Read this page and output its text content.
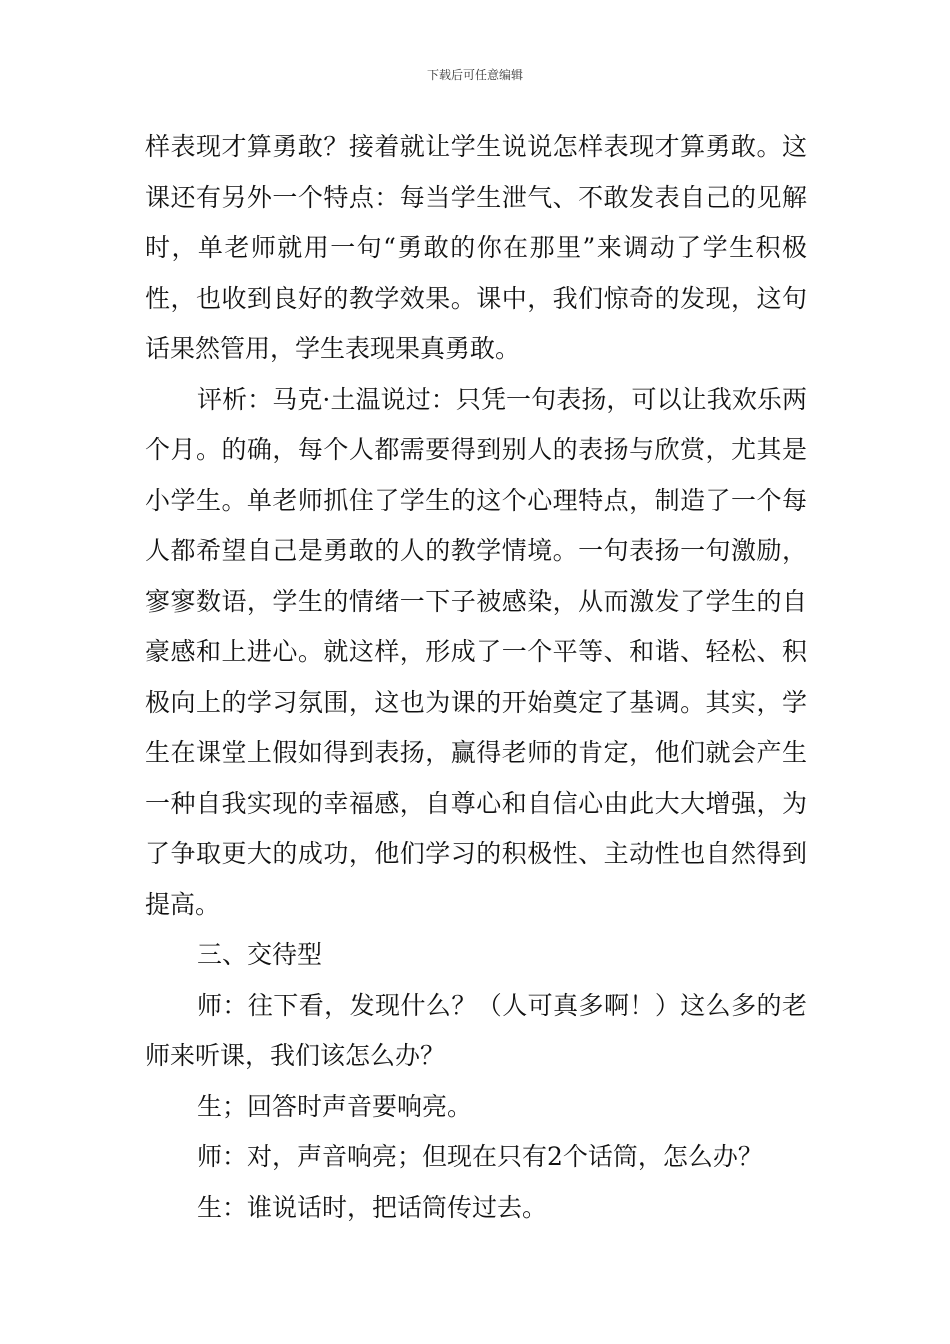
下载后可任意编辑

样表现才算勇敢？接着就让学生说说怎样表现才算勇敢。这课还有另外一个特点：每当学生泄气、不敢发表自己的见解时，单老师就用一句“勇敢的你在那里”来调动了学生积极性，也收到良好的教学效果。课中，我们惊奇的发现，这句话果然管用，学生表现果真勇敢。

评析：马克·土温说过：只凭一句表扬，可以让我欢乐两个月。的确，每个人都需要得到别人的表扬与欣赏，尤其是小学生。单老师抓住了学生的这个心理特点，制造了一个每人都希望自己是勇敢的人的教学情境。一句表扬一句激励，寥寥数语，学生的情绪一下子被感染，从而激发了学生的自豪感和上进心。就这样，形成了一个平等、和谐、轻松、积极向上的学习氛围，这也为课的开始奠定了基调。其实，学生在课堂上假如得到表扬，赢得老师的肯定，他们就会产生一种自我实现的幸福感，自尊心和自信心由此大大增强，为了争取更大的成功，他们学习的积极性、主动性也自然得到提高。

三、交待型

师：往下看，发现什么？（人可真多啊！）这么多的老师来听课，我们该怎么办？

生；回答时声音要响亮。

师：对，声音响亮；但现在只有2个话筒，怎么办？

生：谁说话时，把话筒传过去。
